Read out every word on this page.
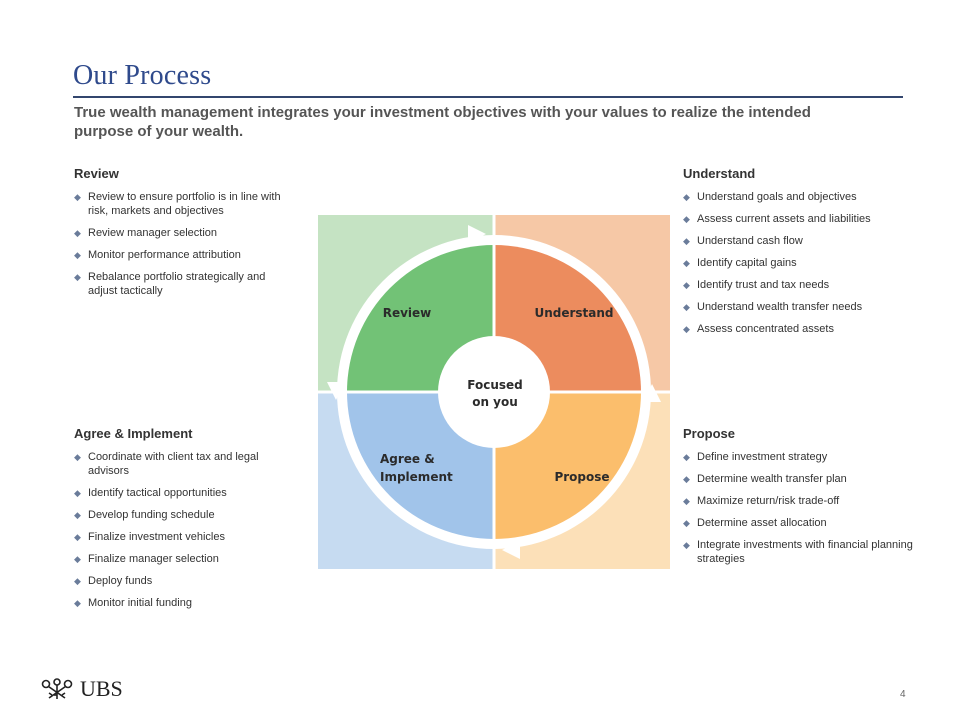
Our Process

True wealth management integrates your investment objectives with your values to realize the intended purpose of your wealth.

Review
◆ Review to ensure portfolio is in line with risk, markets and objectives
◆ Review manager selection
◆ Monitor performance attribution
◆ Rebalance portfolio strategically and adjust tactically
Understand
◆ Understand goals and objectives
◆ Assess current assets and liabilities
◆ Understand cash flow
◆ Identify capital gains
◆ Identify trust and tax needs
◆ Understand wealth transfer needs
◆ Assess concentrated assets
Agree & Implement
◆ Coordinate with client tax and legal advisors
◆ Identify tactical opportunities
◆ Develop funding schedule
◆ Finalize investment vehicles
◆ Finalize manager selection
◆ Deploy funds
◆ Monitor initial funding
Propose
◆ Define investment strategy
◆ Determine wealth transfer plan
◆ Maximize return/risk trade-off
◆ Determine asset allocation
◆ Integrate investments with financial planning strategies
Focused
on you
Review	Understand
Agree &
Implement	Propose
UBS	4
